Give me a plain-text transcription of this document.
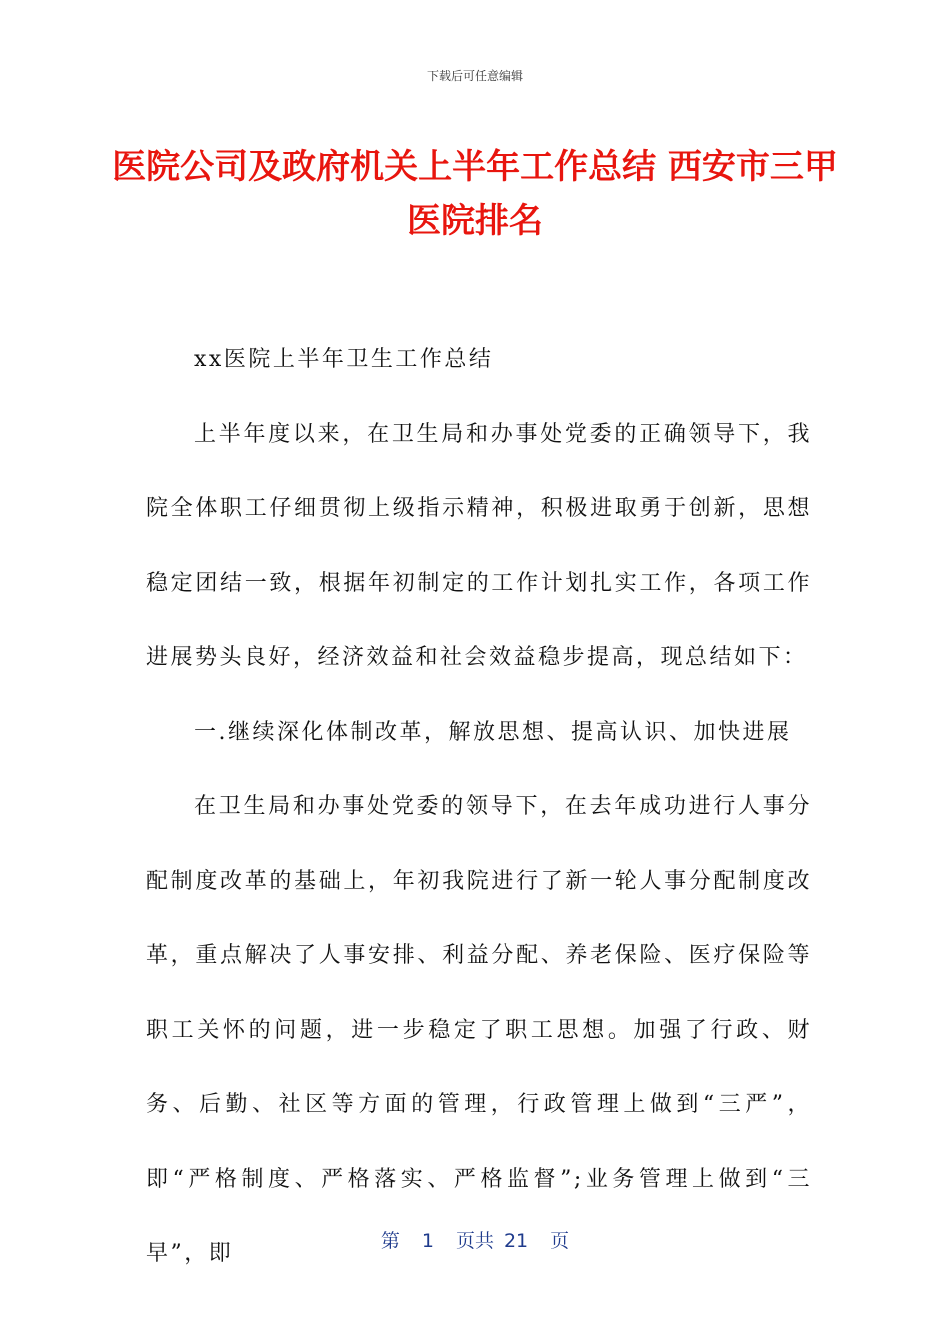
下载后可任意编辑
医院公司及政府机关上半年工作总结 西安市三甲医院排名

xx医院上半年卫生工作总结

上半年度以来，在卫生局和办事处党委的正确领导下，我院全体职工仔细贯彻上级指示精神，积极进取勇于创新，思想稳定团结一致，根据年初制定的工作计划扎实工作，各项工作进展势头良好，经济效益和社会效益稳步提高，现总结如下：

一.继续深化体制改革，解放思想、提高认识、加快进展

在卫生局和办事处党委的领导下，在去年成功进行人事分配制度改革的基础上，年初我院进行了新一轮人事分配制度改革，重点解决了人事安排、利益分配、养老保险、医疗保险等职工关怀的问题，进一步稳定了职工思想。加强了行政、财务、后勤、社区等方面的管理，行政管理上做到“三严”，即“严格制度、严格落实、严格监督”;业务管理上做到“三早”，即	第 1 页共 21 页
